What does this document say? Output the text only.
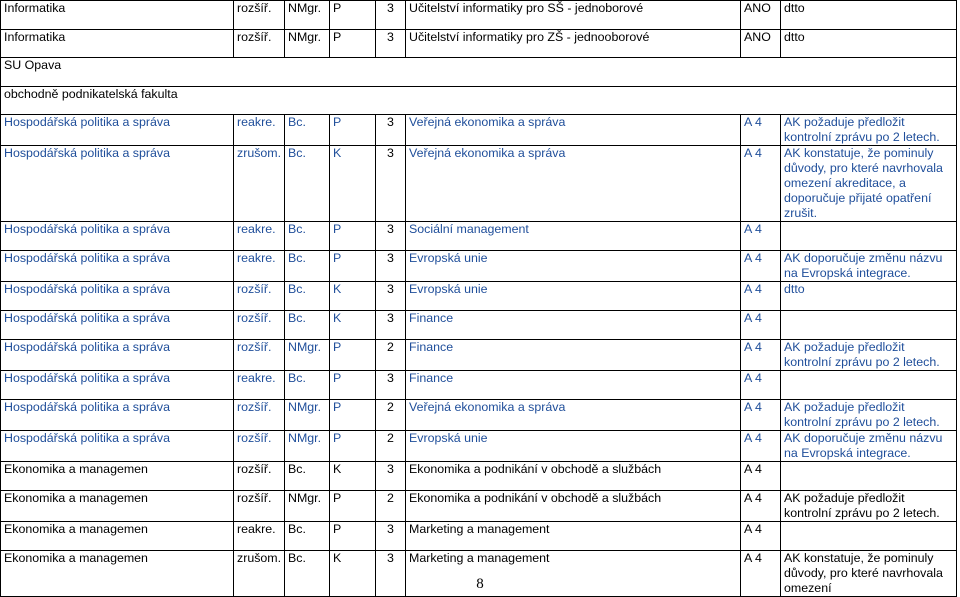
Informatika	rozšíř.	NMgr.	P	3	Učitelství informatiky pro SŠ - jednoborové	ANO	dtto
Informatika	rozšíř.	NMgr.	P	3	Učitelství informatiky pro ZŠ - jednooborové	ANO	dtto
SU Opava							
obchodně podnikatelská fakulta							
Hospodářská politika a správa	reakre.	Bc.	P	3	Veřejná ekonomika a správa	A 4	AK požaduje předložit kontrolní zprávu po 2 letech.
Hospodářská politika a správa	zrušom.	Bc.	K	3	Veřejná ekonomika a správa	A 4	AK konstatuje, že pominuly důvody, pro které navrhovala omezení akreditace, a doporučuje přijaté opatření zrušit.
Hospodářská politika a správa	reakre.	Bc.	P	3	Sociální management	A 4	
Hospodářská politika a správa	reakre.	Bc.	P	3	Evropská unie	A 4	AK doporučuje změnu názvu na Evropská integrace.
Hospodářská politika a správa	rozšíř.	Bc.	K	3	Evropská unie	A 4	dtto
Hospodářská politika a správa	rozšíř.	Bc.	K	3	Finance	A 4	
Hospodářská politika a správa	rozšíř.	NMgr.	P	2	Finance	A 4	AK požaduje předložit kontrolní zprávu po 2 letech.
Hospodářská politika a správa	reakre.	Bc.	P	3	Finance	A 4	
Hospodářská politika a správa	rozšíř.	NMgr.	P	2	Veřejná ekonomika a správa	A 4	AK požaduje předložit kontrolní zprávu po 2 letech.
Hospodářská politika a správa	rozšíř.	NMgr.	P	2	Evropská unie	A 4	AK doporučuje změnu názvu na Evropská integrace.
Ekonomika a managemen	rozšíř.	Bc.	K	3	Ekonomika a podnikání v obchodě a službách	A 4	
Ekonomika a managemen	rozšíř.	NMgr.	P	2	Ekonomika a podnikání v obchodě a službách	A 4	AK požaduje předložit kontrolní zprávu po 2 letech.
Ekonomika a managemen	reakre.	Bc.	P	3	Marketing a management	A 4	
Ekonomika a managemen	zrušom.	Bc.	K	3	Marketing a management	A 4	AK konstatuje, že pominuly důvody, pro které navrhovala omezení
8
